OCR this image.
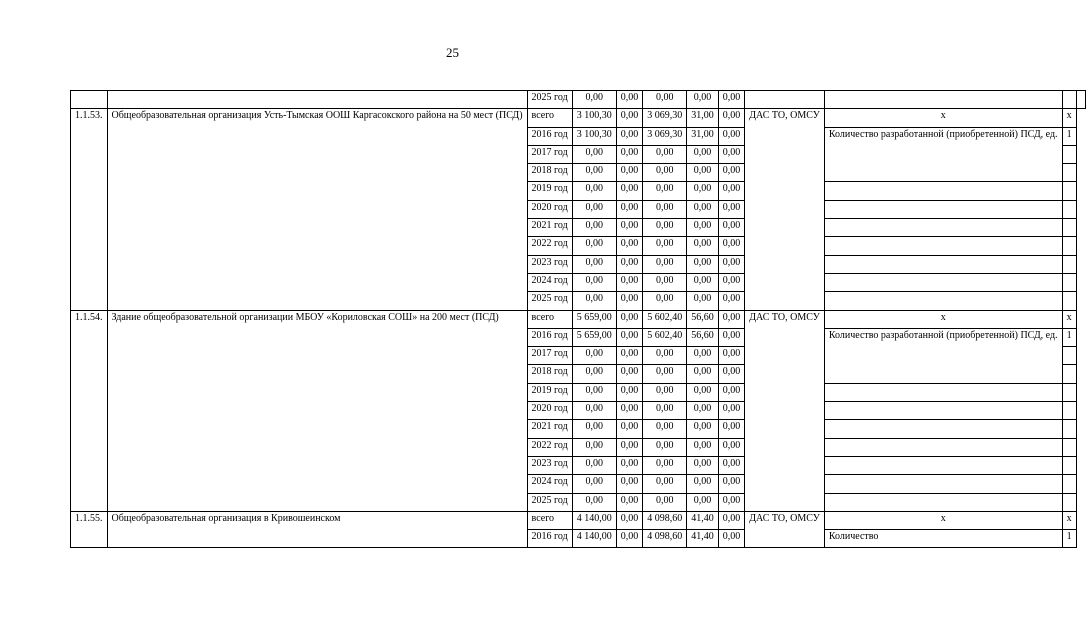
25
		2025 год	0,00	0,00	0,00	0,00	0,00				
1.1.53.	Общеобразовательная организация Усть-Тымская ООШ Каргасокского района на 50 мест (ПСД)	всего	3 100,30	0,00	3 069,30	31,00	0,00	ДАС ТО, ОМСУ	x	x	
		2016 год	3 100,30	0,00	3 069,30	31,00	0,00		Количество разработанной (приобретенной) ПСД, ед.	1	
		2017 год	0,00	0,00	0,00	0,00	0,00				
		2018 год	0,00	0,00	0,00	0,00	0,00				
		2019 год	0,00	0,00	0,00	0,00	0,00				
		2020 год	0,00	0,00	0,00	0,00	0,00				
		2021 год	0,00	0,00	0,00	0,00	0,00				
		2022 год	0,00	0,00	0,00	0,00	0,00				
		2023 год	0,00	0,00	0,00	0,00	0,00				
		2024 год	0,00	0,00	0,00	0,00	0,00				
		2025 год	0,00	0,00	0,00	0,00	0,00				
1.1.54.	Здание общеобразовательной организации МБОУ «Кориловская СОШ» на 200 мест (ПСД)	всего	5 659,00	0,00	5 602,40	56,60	0,00	ДАС ТО, ОМСУ	x	x	
		2016 год	5 659,00	0,00	5 602,40	56,60	0,00		Количество разработанной (приобретенной) ПСД, ед.	1	
		2017 год	0,00	0,00	0,00	0,00	0,00				
		2018 год	0,00	0,00	0,00	0,00	0,00				
		2019 год	0,00	0,00	0,00	0,00	0,00				
		2020 год	0,00	0,00	0,00	0,00	0,00				
		2021 год	0,00	0,00	0,00	0,00	0,00				
		2022 год	0,00	0,00	0,00	0,00	0,00				
		2023 год	0,00	0,00	0,00	0,00	0,00				
		2024 год	0,00	0,00	0,00	0,00	0,00				
		2025 год	0,00	0,00	0,00	0,00	0,00				
1.1.55.	Общеобразовательная организация в Кривошеинском	всего	4 140,00	0,00	4 098,60	41,40	0,00	ДАС ТО, ОМСУ	x	x	
		2016 год	4 140,00	0,00	4 098,60	41,40	0,00		Количество	1	
